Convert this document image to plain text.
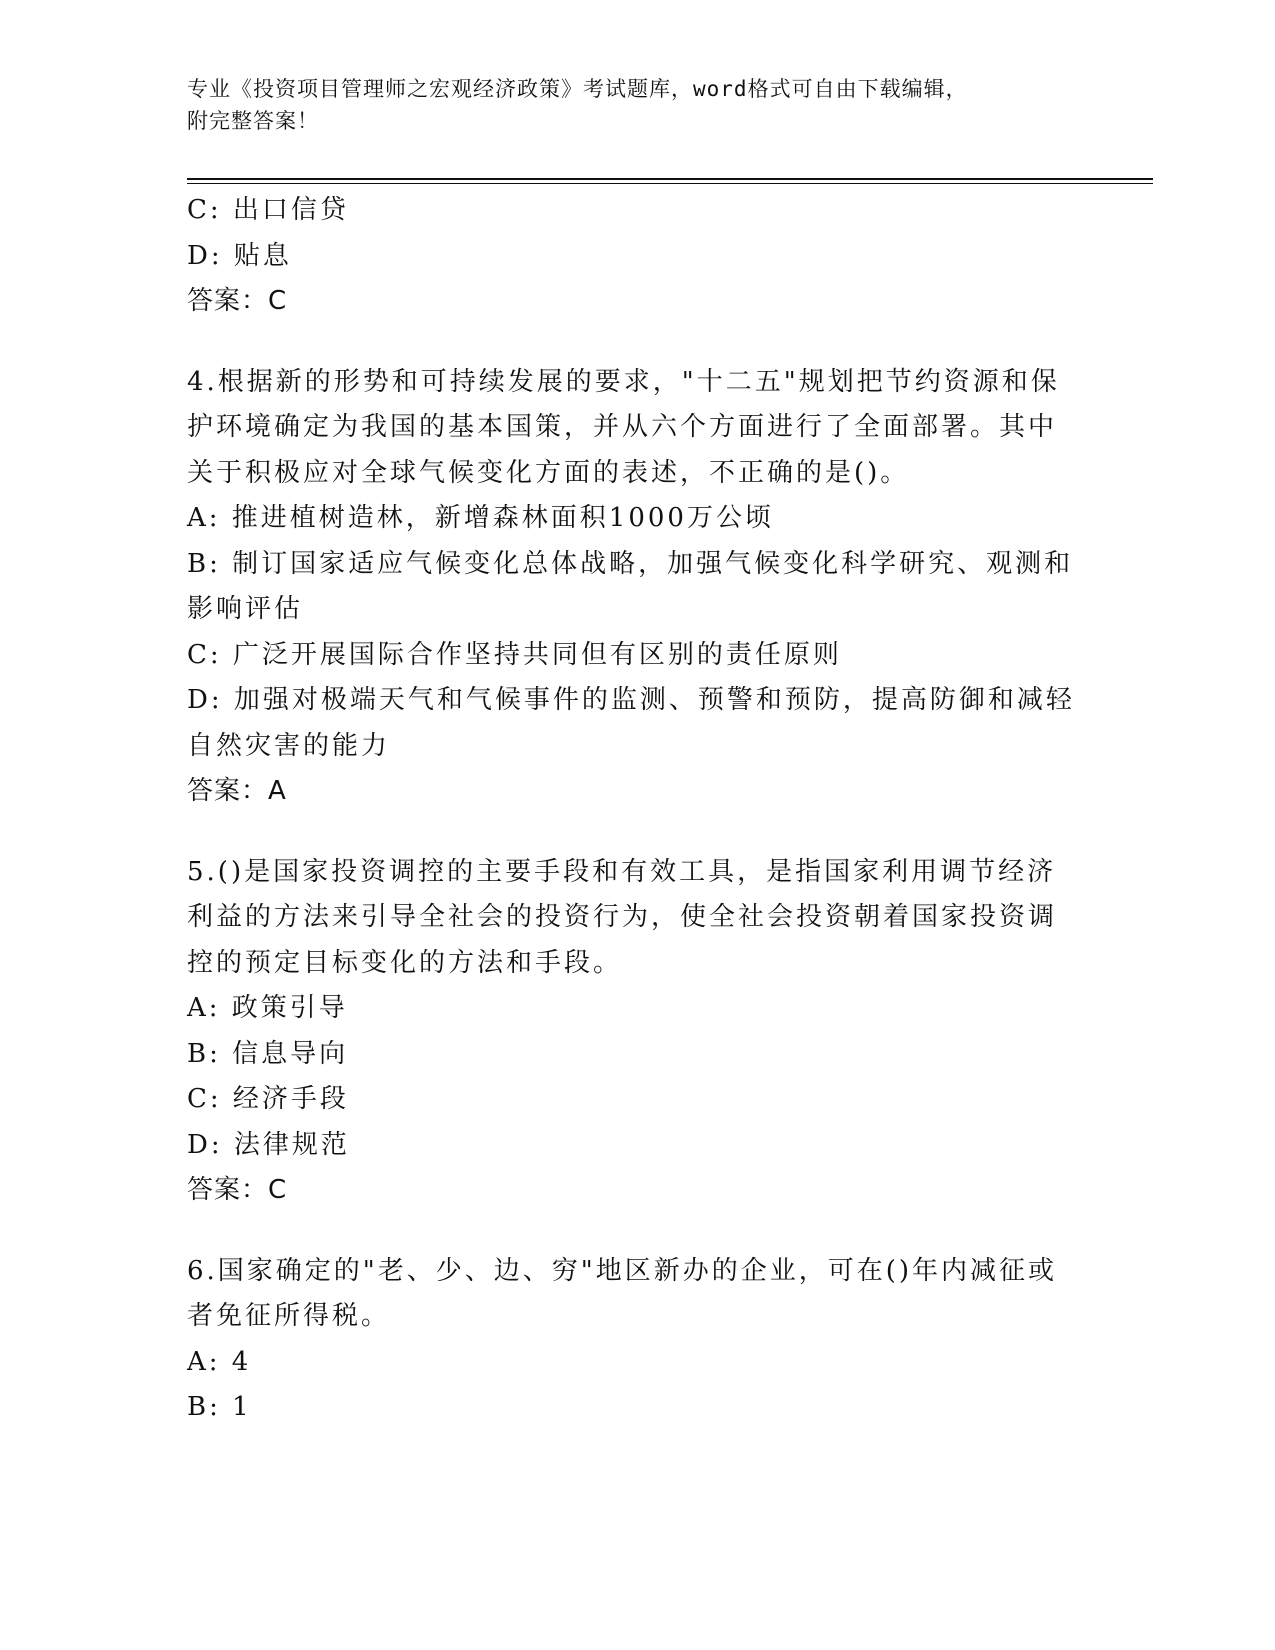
专业《投资项目管理师之宏观经济政策》考试题库，word格式可自由下载编辑，
附完整答案！
C: 出口信贷
D: 贴息
答案：C
4.根据新的形势和可持续发展的要求，"十二五"规划把节约资源和保
护环境确定为我国的基本国策，并从六个方面进行了全面部署。其中
关于积极应对全球气候变化方面的表述，不正确的是()。
A: 推进植树造林，新增森林面积1000万公顷
B: 制订国家适应气候变化总体战略，加强气候变化科学研究、观测和
影响评估
C: 广泛开展国际合作坚持共同但有区别的责任原则
D: 加强对极端天气和气候事件的监测、预警和预防，提高防御和减轻
自然灾害的能力
答案：A
5.()是国家投资调控的主要手段和有效工具，是指国家利用调节经济
利益的方法来引导全社会的投资行为，使全社会投资朝着国家投资调
控的预定目标变化的方法和手段。
A: 政策引导
B: 信息导向
C: 经济手段
D: 法律规范
答案：C
6.国家确定的"老、少、边、穷"地区新办的企业，可在()年内减征或
者免征所得税。
A: 4
B: 1
